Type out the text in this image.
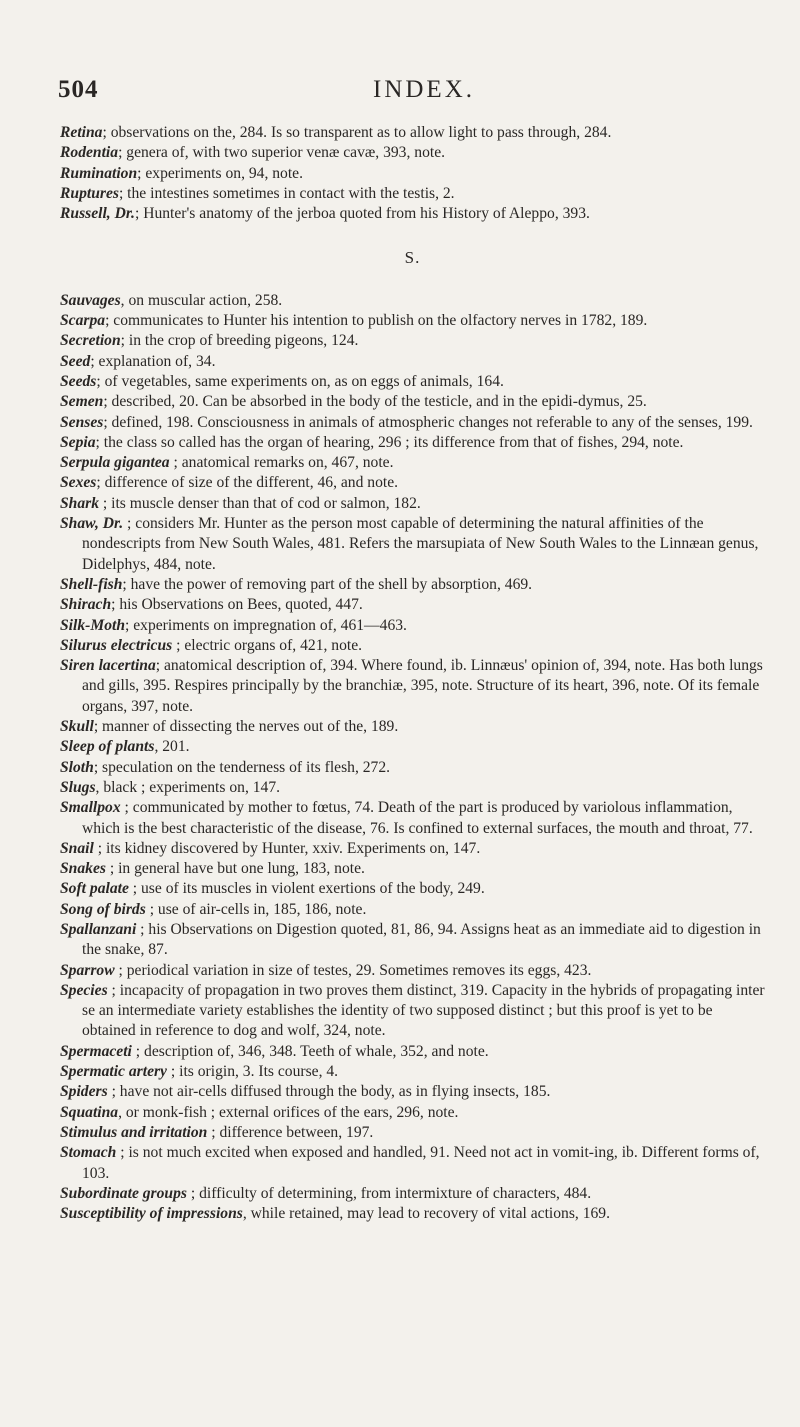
504	INDEX.

Retina; observations on the, 284. Is so transparent as to allow light to pass through, 284.

Rodentia; genera of, with two superior venæ cavæ, 393, note.

Rumination; experiments on, 94, note.

Ruptures; the intestines sometimes in contact with the testis, 2.

Russell, Dr.; Hunter's anatomy of the jerboa quoted from his History of Aleppo, 393.

S.

Sauvages, on muscular action, 258.

Scarpa; communicates to Hunter his intention to publish on the olfactory nerves in 1782, 189.

Secretion; in the crop of breeding pigeons, 124.

Seed; explanation of, 34.

Seeds; of vegetables, same experiments on, as on eggs of animals, 164.

Semen; described, 20. Can be absorbed in the body of the testicle, and in the epidi-dymus, 25.

Senses; defined, 198. Consciousness in animals of atmospheric changes not referable to any of the senses, 199.

Sepia; the class so called has the organ of hearing, 296 ; its difference from that of fishes, 294, note.

Serpula gigantea ; anatomical remarks on, 467, note.

Sexes; difference of size of the different, 46, and note.

Shark ; its muscle denser than that of cod or salmon, 182.

Shaw, Dr. ; considers Mr. Hunter as the person most capable of determining the natural affinities of the nondescripts from New South Wales, 481. Refers the marsupiata of New South Wales to the Linnæan genus, Didelphys, 484, note.

Shell-fish; have the power of removing part of the shell by absorption, 469.

Shirach; his Observations on Bees, quoted, 447.

Silk-Moth; experiments on impregnation of, 461—463.

Silurus electricus ; electric organs of, 421, note.

Siren lacertina; anatomical description of, 394. Where found, ib. Linnæus' opinion of, 394, note. Has both lungs and gills, 395. Respires principally by the branchiæ, 395, note. Structure of its heart, 396, note. Of its female organs, 397, note.

Skull; manner of dissecting the nerves out of the, 189.

Sleep of plants, 201.

Sloth; speculation on the tenderness of its flesh, 272.

Slugs, black ; experiments on, 147.

Smallpox ; communicated by mother to fœtus, 74. Death of the part is produced by variolous inflammation, which is the best characteristic of the disease, 76. Is confined to external surfaces, the mouth and throat, 77.

Snail ; its kidney discovered by Hunter, xxiv. Experiments on, 147.

Snakes ; in general have but one lung, 183, note.

Soft palate ; use of its muscles in violent exertions of the body, 249.

Song of birds ; use of air-cells in, 185, 186, note.

Spallanzani ; his Observations on Digestion quoted, 81, 86, 94. Assigns heat as an immediate aid to digestion in the snake, 87.

Sparrow ; periodical variation in size of testes, 29. Sometimes removes its eggs, 423.

Species ; incapacity of propagation in two proves them distinct, 319. Capacity in the hybrids of propagating inter se an intermediate variety establishes the identity of two supposed distinct ; but this proof is yet to be obtained in reference to dog and wolf, 324, note.

Spermaceti ; description of, 346, 348. Teeth of whale, 352, and note.

Spermatic artery ; its origin, 3. Its course, 4.

Spiders ; have not air-cells diffused through the body, as in flying insects, 185.

Squatina, or monk-fish ; external orifices of the ears, 296, note.

Stimulus and irritation ; difference between, 197.

Stomach ; is not much excited when exposed and handled, 91. Need not act in vomit-ing, ib. Different forms of, 103.

Subordinate groups ; difficulty of determining, from intermixture of characters, 484.

Susceptibility of impressions, while retained, may lead to recovery of vital actions, 169.
